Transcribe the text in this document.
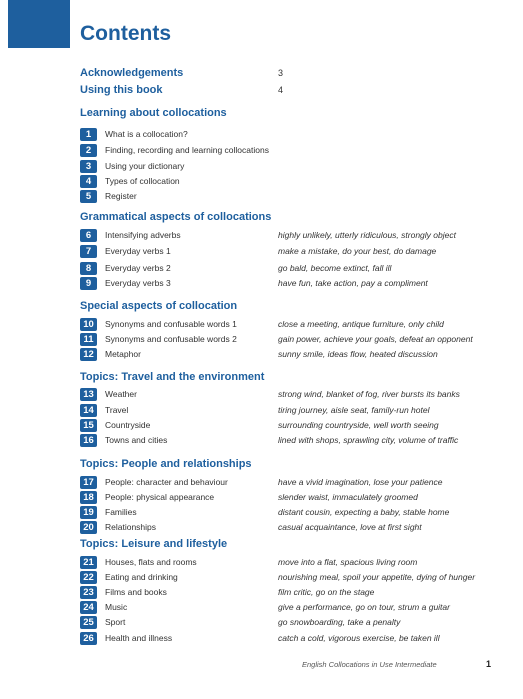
Contents
Acknowledgements	3
Using this book	4
Learning about collocations
1	What is a collocation?
2	Finding, recording and learning collocations
3	Using your dictionary
4	Types of collocation
5	Register
Grammatical aspects of collocations
6	Intensifying adverbs	highly unlikely, utterly ridiculous, strongly object
7	Everyday verbs 1	make a mistake, do your best, do damage
8	Everyday verbs 2	go bald, become extinct, fall ill
9	Everyday verbs 3	have fun, take action, pay a compliment
Special aspects of collocation
10	Synonyms and confusable words 1	close a meeting, antique furniture, only child
11	Synonyms and confusable words 2	gain power, achieve your goals, defeat an opponent
12	Metaphor	sunny smile, ideas flow, heated discussion
Topics: Travel and the environment
13	Weather	strong wind, blanket of fog, river bursts its banks
14	Travel	tiring journey, aisle seat, family-run hotel
15	Countryside	surrounding countryside, well worth seeing
16	Towns and cities	lined with shops, sprawling city, volume of traffic
Topics: People and relationships
17	People: character and behaviour	have a vivid imagination, lose your patience
18	People: physical appearance	slender waist, immaculately groomed
19	Families	distant cousin, expecting a baby, stable home
20	Relationships	casual acquaintance, love at first sight
Topics: Leisure and lifestyle
21	Houses, flats and rooms	move into a flat, spacious living room
22	Eating and drinking	nourishing meal, spoil your appetite, dying of hunger
23	Films and books	film critic, go on the stage
24	Music	give a performance, go on tour, strum a guitar
25	Sport	go snowboarding, take a penalty
26	Health and illness	catch a cold, vigorous exercise, be taken ill
English Collocations in Use Intermediate	1
